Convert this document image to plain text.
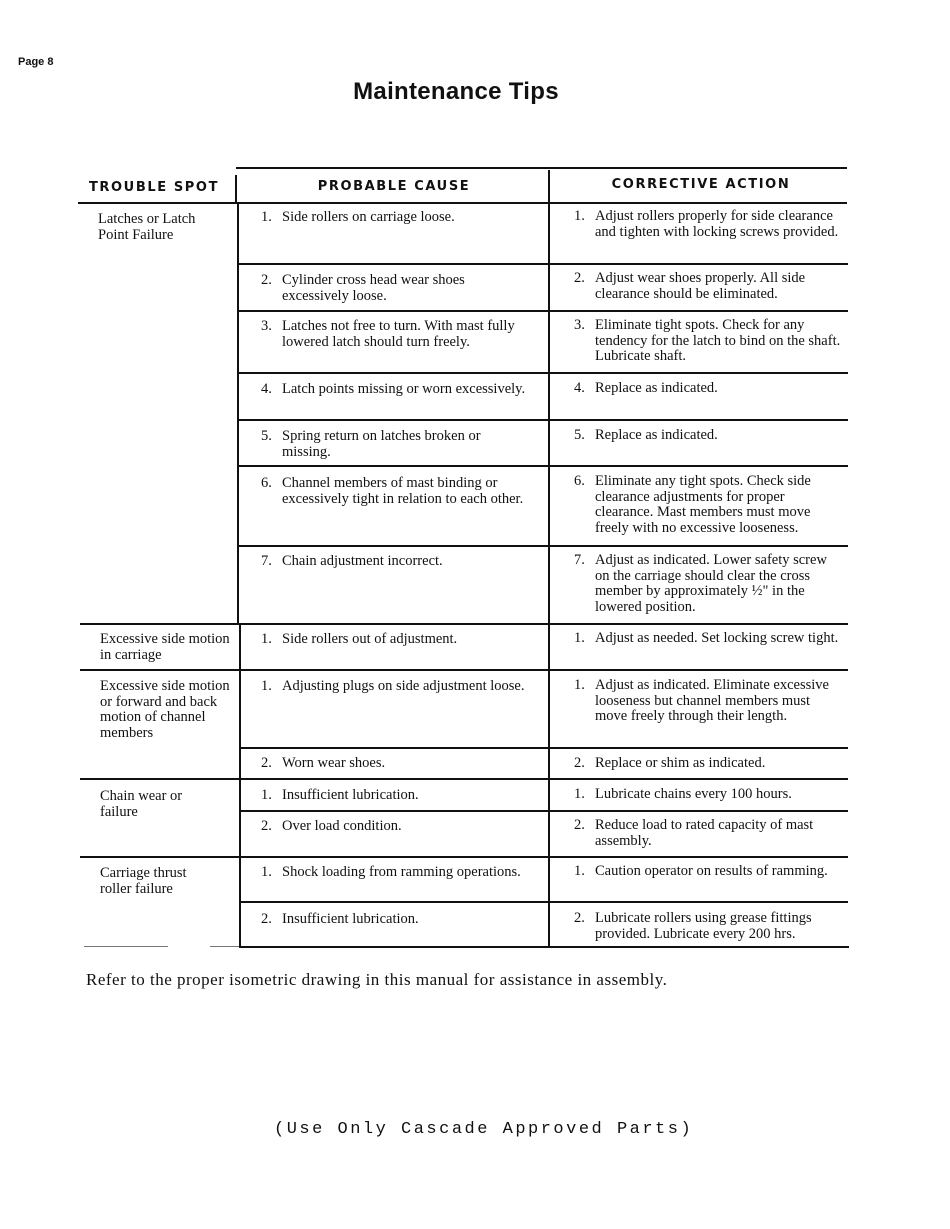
Page 8
Maintenance Tips
TROUBLE SPOT	PROBABLE CAUSE	CORRECTIVE ACTION
Latches or Latch Point Failure
Excessive side motion in carriage
Excessive side motion or forward and back motion of channel members
Chain wear or failure
Carriage thrust roller failure
1. Side rollers on carriage loose.
2. Cylinder cross head wear shoes excessively loose.
3. Latches not free to turn. With mast fully lowered latch should turn freely.
4. Latch points missing or worn excessively.
5. Spring return on latches broken or missing.
6. Channel members of mast binding or excessively tight in relation to each other.
7. Chain adjustment incorrect.
1. Side rollers out of adjustment.
1. Adjusting plugs on side adjustment loose.
2. Worn wear shoes.
1. Insufficient lubrication.
2. Over load condition.
1. Shock loading from ramming operations.
2. Insufficient lubrication.
1. Adjust rollers properly for side clearance and tighten with locking screws provided.
2. Adjust wear shoes properly. All side clearance should be eliminated.
3. Eliminate tight spots. Check for any tendency for the latch to bind on the shaft. Lubricate shaft.
4. Replace as indicated.
5. Replace as indicated.
6. Eliminate any tight spots. Check side clearance adjustments for proper clearance. Mast members must move freely with no excessive looseness.
7. Adjust as indicated. Lower safety screw on the carriage should clear the cross member by approximately ½" in the lowered position.
1. Adjust as needed. Set locking screw tight.
1. Adjust as indicated. Eliminate excessive looseness but channel members must move freely through their length.
2. Replace or shim as indicated.
1. Lubricate chains every 100 hours.
2. Reduce load to rated capacity of mast assembly.
1. Caution operator on results of ramming.
2. Lubricate rollers using grease fittings provided. Lubricate every 200 hrs.
Refer to the proper isometric drawing in this manual for assistance in assembly.
(Use Only Cascade Approved Parts)
